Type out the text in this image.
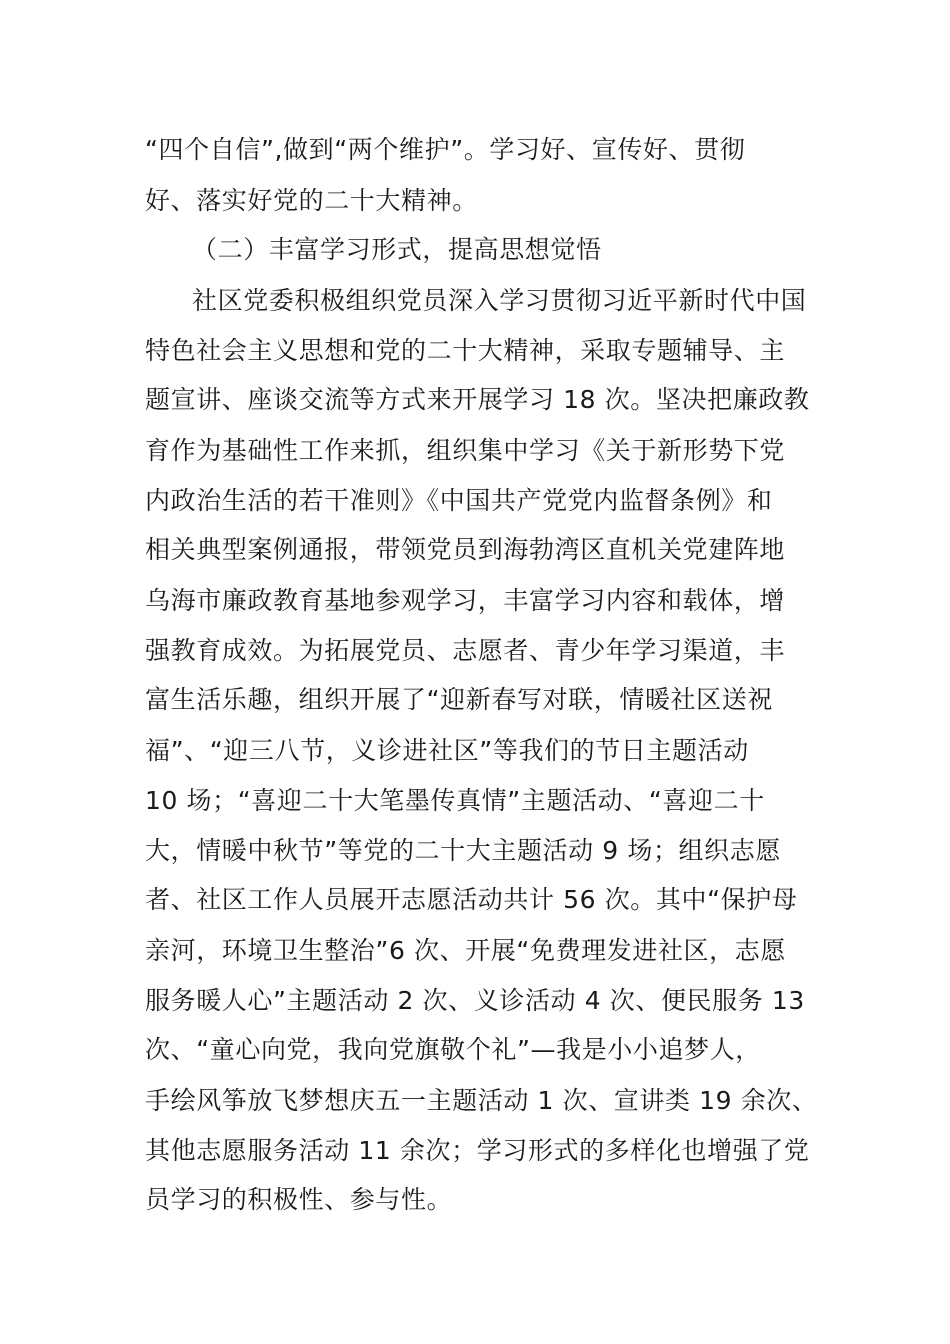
“四个自信”,做到“两个维护”。学习好、宣传好、贯彻
好、落实好党的二十大精神。
（二）丰富学习形式，提高思想觉悟
社区党委积极组织党员深入学习贯彻习近平新时代中国
特色社会主义思想和党的二十大精神，采取专题辅导、主
题宣讲、座谈交流等方式来开展学习 18 次。坚决把廉政教
育作为基础性工作来抓，组织集中学习《关于新形势下党
内政治生活的若干准则》《中国共产党党内监督条例》和
相关典型案例通报，带领党员到海勃湾区直机关党建阵地
乌海市廉政教育基地参观学习，丰富学习内容和载体，增
强教育成效。为拓展党员、志愿者、青少年学习渠道，丰
富生活乐趣，组织开展了“迎新春写对联，情暖社区送祝
福”、“迎三八节，义诊进社区”等我们的节日主题活动
10 场；“喜迎二十大笔墨传真情”主题活动、“喜迎二十
大，情暖中秋节”等党的二十大主题活动 9 场；组织志愿
者、社区工作人员展开志愿活动共计 56 次。其中“保护母
亲河，环境卫生整治”6 次、开展“免费理发进社区，志愿
服务暖人心”主题活动 2 次、义诊活动 4 次、便民服务 13
次、“童心向党，我向党旗敬个礼”—我是小小追梦人，
手绘风筝放飞梦想庆五一主题活动 1 次、宣讲类 19 余次、
其他志愿服务活动 11 余次；学习形式的多样化也增强了党
员学习的积极性、参与性。
